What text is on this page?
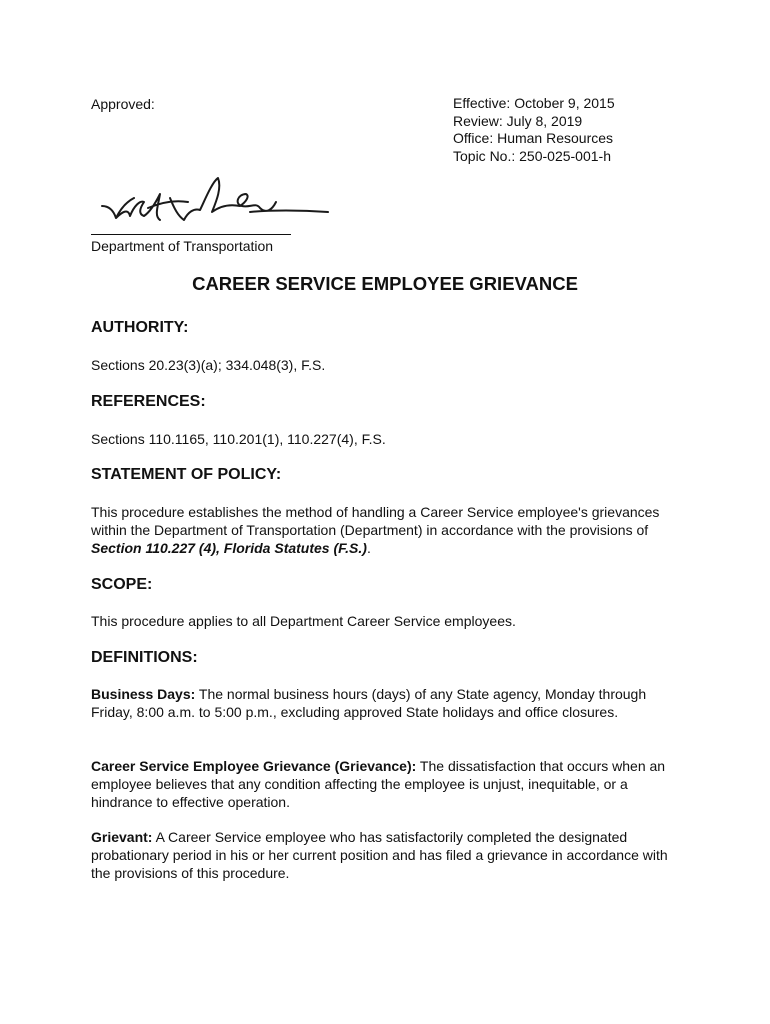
Approved:	Effective: October 9, 2015
Review: July 8, 2019
Office: Human Resources
Topic No.: 250-025-001-h
Department of Transportation
CAREER SERVICE EMPLOYEE GRIEVANCE
AUTHORITY:

Sections 20.23(3)(a); 334.048(3), F.S.

REFERENCES:

Sections 110.1165, 110.201(1), 110.227(4), F.S.

STATEMENT OF POLICY:

This procedure establishes the method of handling a Career Service employee's grievances within the Department of Transportation (Department) in accordance with the provisions of Section 110.227 (4), Florida Statutes (F.S.).

SCOPE:

This procedure applies to all Department Career Service employees.

DEFINITIONS:

Business Days: The normal business hours (days) of any State agency, Monday through Friday, 8:00 a.m. to 5:00 p.m., excluding approved State holidays and office closures.

Career Service Employee Grievance (Grievance): The dissatisfaction that occurs when an employee believes that any condition affecting the employee is unjust, inequitable, or a hindrance to effective operation.

Grievant: A Career Service employee who has satisfactorily completed the designated probationary period in his or her current position and has filed a grievance in accordance with the provisions of this procedure.
